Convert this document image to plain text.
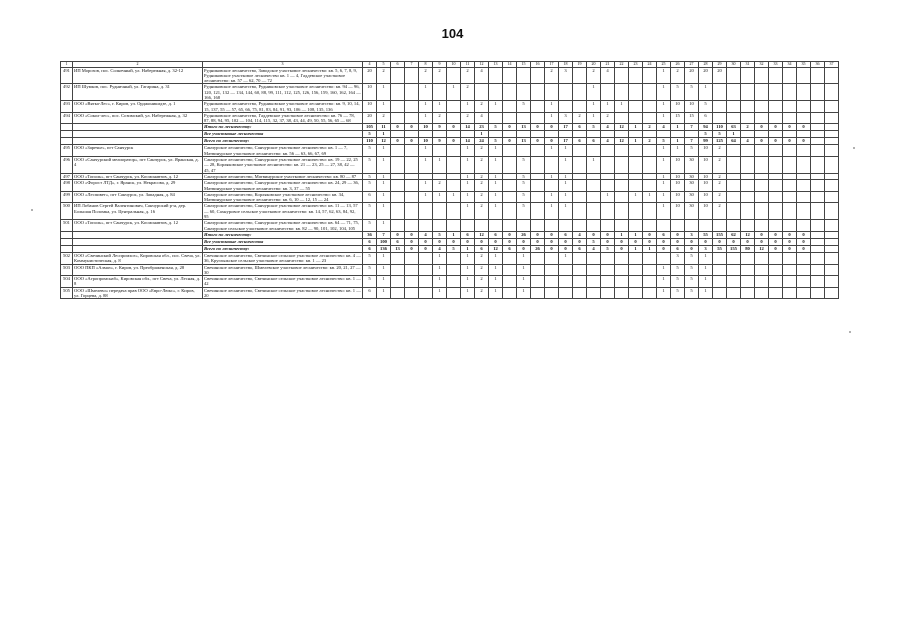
104
1	2	3	4	5	6	7	8	9	10	11	12	13	14	15	16	17	18	19	20	21	22	23	24	25	26	27	28	29	30	31	32	33	34	35	36	37
491	ИП Морозов, пос. Солнечный, ул. Набережная, д. 32-12	Рудниковское лесничество, Заводское участковое лесничество: кв. 5, 6, 7, 8, 9, Рудниковское участковое лесничество кв. 1 — 4, Гаддевское участковое лесничество: кв. 57 — 62, 70 — 72	20	2			2	2		2	4					2	3		2	4				1	2	20	20	20								
492	ИП Шумков, пос. Рудничный, ул. Гагарина, д. 31	Рудниковское лесничество, Рудниковское участковое лесничество: кв. 94 — 96, 120, 121, 132 — 134, 144, 60, 88, 99, 111, 112, 125, 126, 156, 159, 160, 162, 164 — 166, 168	10	1			1		1	2									1					1	5	5	1									
493	ООО «Вятка-Лес», г. Киров, ул. Орджоникидзе, д. 1	Рудниковское лесничество, Рудниковское участковое лесничество: кв. 9, 10, 14, 15, 137, 55 — 57, 65, 66, 75, 81, 83, 84, 91, 93, 106 — 108, 135, 136	10	1			1	1		1	2	1		5		1			1	1	1			1	10	10	5									
494	ООО «Сокол-лес», пос. Созимский, ул. Набережная, д. 32	Рудниковское лесничество, Гаддевское участковое лесничество: кв. 76 — 78, 87, 88, 94, 95, 102 — 104, 114, 115, 32, 37, 38, 43, 44, 49, 50, 55, 56, 65 — 68	20	2			1	2		2	4					1	3	2	1	2				1	15	15	6									
		Итого по лесничеству:	105	11	0	0	10	9	0	14	23	5	0	13	0	0	17	6	5	4	12	1	2	4	1	7	94	110	63	2	0	0	0	0		
		Все участковые лесничества	5	1							1																5	5	1							
		Всего по лесничеству:	110	12	0	0	10	9	0	14	24	5	0	13	0	0	17	6	6	4	12	1	2	5	1	7	99	125	64	4	0	0	0	0		
495	ООО «Заречье», пгт Санчурск	Санчурское лесничество, Санчурское участковое лесничество: кв. 1 — 7, Матвинурское участковое лесничество: кв. 56 — 63, 66, 67, 69	5	1			1			1	2	1				1	1							1	1	5	10	2								
496	ООО «Санчурский мелиоратор», пгт Санчурск, ул. Яранская, д. 4	Санчурское лесничество, Санчурское участковое лесничество: кв. 19 — 22, 25 — 28, Корляковское участковое лесничество: кв. 21 — 23, 25 — 27, 38, 42 — 45, 47	5	1			1	1		1	2	1		5			1		1					1	10	30	10	2								
497	ООО «Тополь», пгт Санчурск, ул. Космонавтов, д. 12	Санчурское лесничество, Матвинурское участковое лесничество: кв. 80 — 87	5	1						1	2	1		5		1	1							1	10	30	10	2								
498	ООО «Форост ЛТД», г. Яранск, ул. Некрасова, д. 29	Санчурское лесничество, Санчурское участковое лесничество: кв. 24, 29 — 36, Матвинурское участковое лесничество: кв. 3, 37 — 55	5	1			1	2		1	2	1		5			1							1	10	30	10	2								
499	ООО «Леспивет», пгт Санчурск, ул. Западная, д. 84	Санчурское лесничество, Корляковское участковое лесничество: кв. 34, Матвинурское участковое лесничество: кв. 6, 10 — 12, 15 — 24	6	1			1	1	1	1	2	1		5		1	1			1		1	1	1	10	30	10	2								
500	ИП Лобанов Сергей Валентинович, Санчурский р-н, дер. Большая Поломка, ул. Центральная, д. 16	Санчурское лесничество, Санчурское участковое лесничество: кв. 11 — 13, 57 — 60, Сахнуровое сельское участковое лесничество: кв. 14, 57, 62, 63, 84, 92, 95	5	1						1	2	1		5		1	1							1	10	30	10	2								
501	ООО «Тополь», пгт Санчурск, ул. Космонавтов, д. 12	Санчурское лесничество, Санчурское участковое лесничество: кв. 64 — 71, 75, Санчурское сельское участковое лесничество: кв. 82 — 90, 101, 102, 104, 105	5	1																																
		Итого по лесничеству:	36	7	0	0	4	5	1	6	12	6	0	26	0	0	6	4	0	0	1	1	0	6	0	3	55	155	62	12	0	0	0	0		
		Все участковые лесничества	6	100	6	0	0	0	0	0	0	0	0	0	0	0	0	0	5	0	0	0	0	0	0	0	0	0	0	0	0	0	0	0		
		Всего по лесничеству:	6	136	13	0	0	4	5	1	6	12	6	0	26	0	0	6	4	5	0	1	1	0	6	0	3	55	155	80	12	0	0	0		
502	ООО «Свечинский Леспромхоз», Кировская обл., пос. Свеча, ул. Коммунистическая, д. 8	Свечинское лесничество, Свечинское сельское участковое лесничество: кв. 4 — 36, Круглыжское сельское участковое лесничество: кв. 1 — 23	5	1				1		1	2	1		1			1								3	5	1									
503	ООО ПКП «Алмаз», г. Киров, ул. Преображенская, д. 28	Свечинское лесничество, Шмелевское участковое лесничество: кв. 20, 21, 27 — 30	5	1				1		1	2	1		1										1	5	5	1									
504	ООО «Агропромснаб», Кировская обл., пгт Свеча, ул. Лесная, д. 8	Свечинское лесничество, Свечинское сельское участковое лесничество: кв. 1 — 42	5	1				1		1	2	1		1										1	5	5	1									
505	ООО «Шмелево» передача прав ООО «Евро-Люкс», г. Киров, ул. Горцева, д. 88	Свечинское лесничество, Свечинское сельское участковое лесничество: кв. 1 — 20	6	1				1		1	2	1		1										1	5	5	1									
